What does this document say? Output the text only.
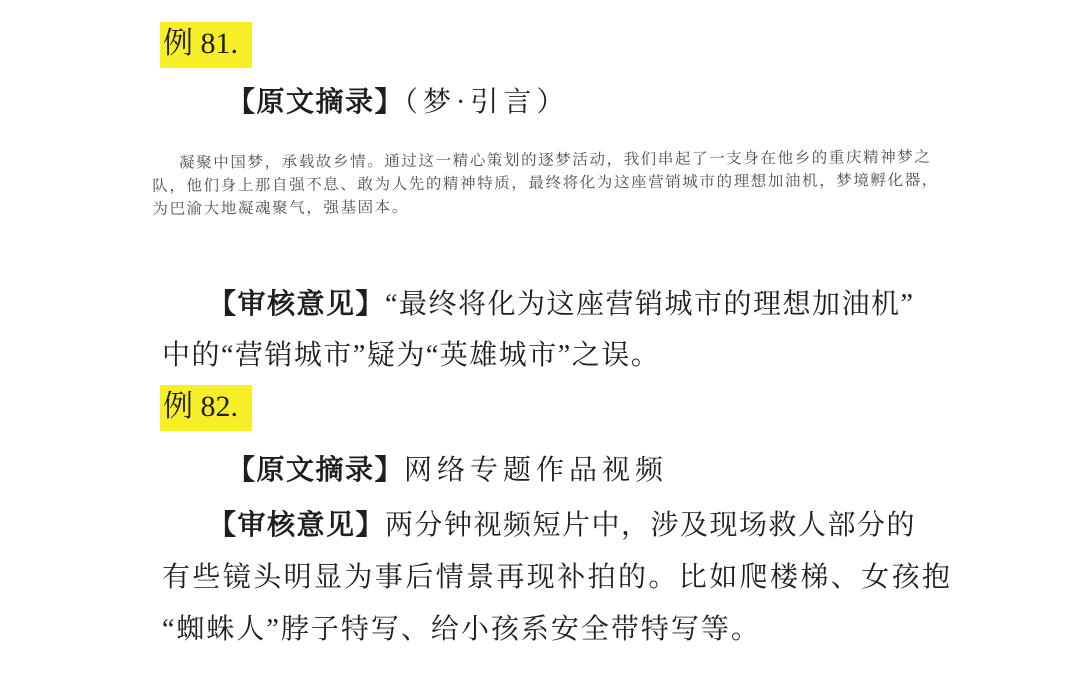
例 81.
【原文摘录】（梦·引言）
凝聚中国梦，承载故乡情。通过这一精心策划的逐梦活动，我们串起了一支身在他乡的重庆精神梦之
队，他们身上那自强不息、敢为人先的精神特质，最终将化为这座营销城市的理想加油机，梦境孵化器，
为巴渝大地凝魂聚气，强基固本。
【审核意见】“最终将化为这座营销城市的理想加油机”
中的“营销城市”疑为“英雄城市”之误。
例 82.
【原文摘录】网络专题作品视频
【审核意见】两分钟视频短片中，涉及现场救人部分的
有些镜头明显为事后情景再现补拍的。比如爬楼梯、女孩抱
“蜘蛛人”脖子特写、给小孩系安全带特写等。
